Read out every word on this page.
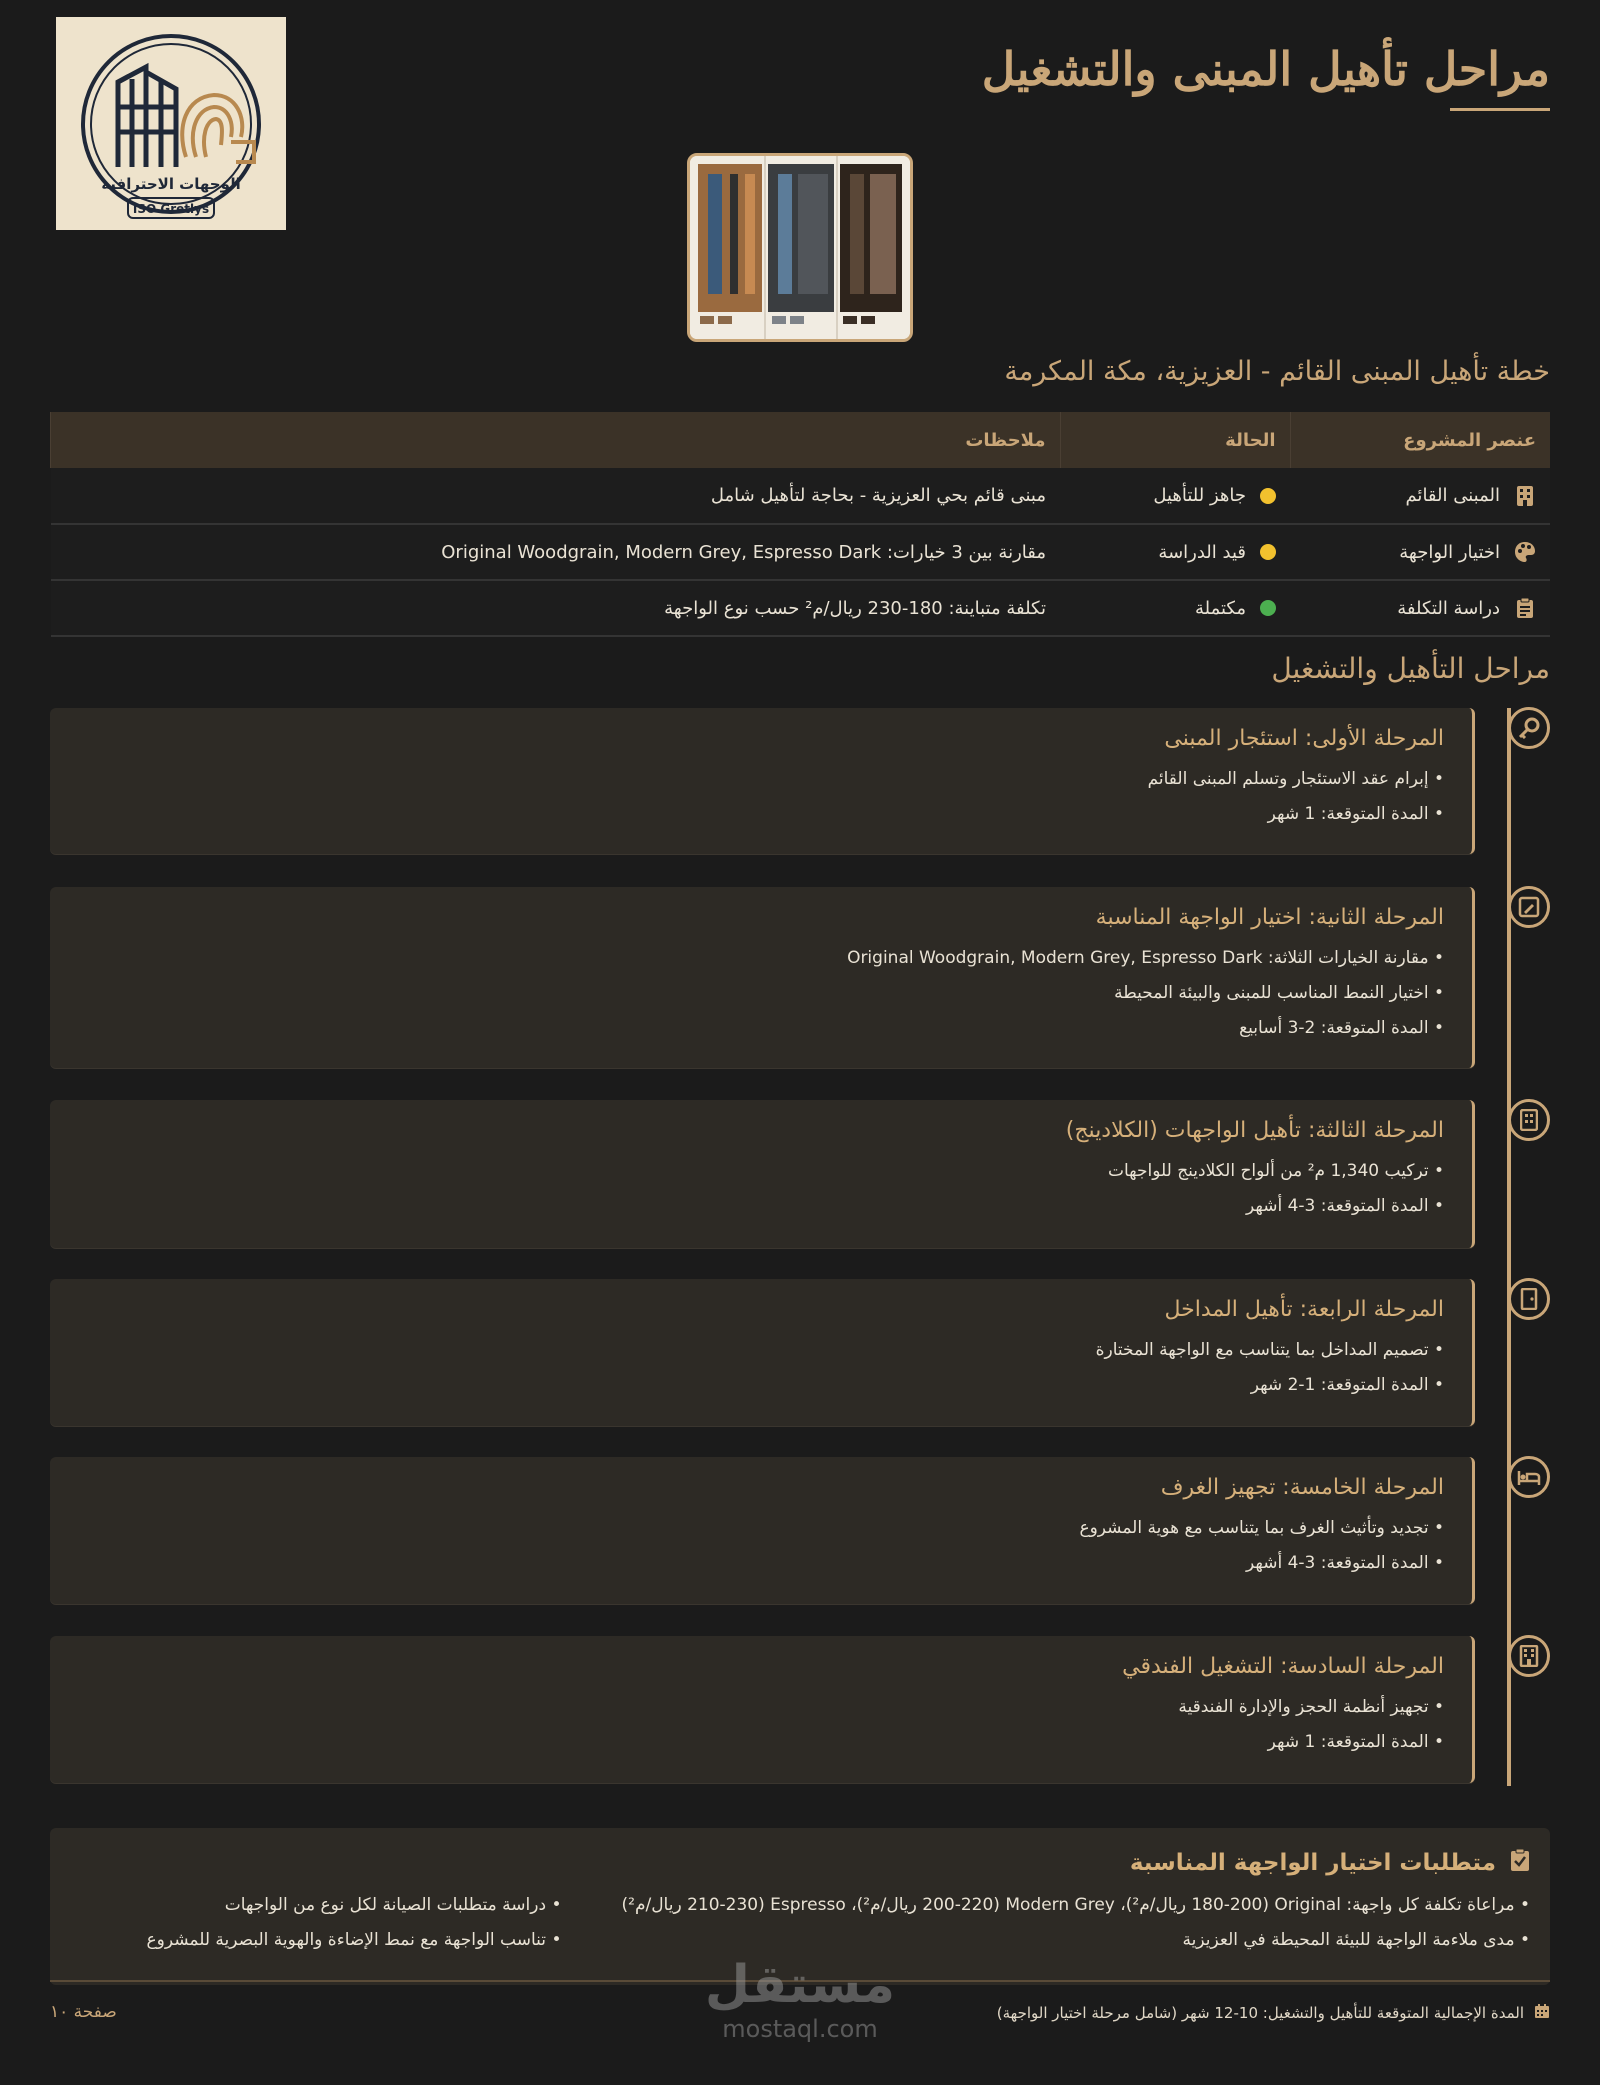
مراحل تأهيل المبنى والتشغيل
الوجهات الاحترافية
ISO Gretlys
خطة تأهيل المبنى القائم - العزيزية، مكة المكرمة
عنصر المشروع	الحالة	ملاحظات

المبنى القائم	جاهز للتأهيل	مبنى قائم بحي العزيزية - بحاجة لتأهيل شامل

اختيار الواجهة	قيد الدراسة	مقارنة بين 3 خيارات: Original Woodgrain, Modern Grey, Espresso Dark

دراسة التكلفة	مكتملة	تكلفة متباينة: 180-230 ريال/م² حسب نوع الواجهة
مراحل التأهيل والتشغيل
المرحلة الأولى: استئجار المبنى
• إبرام عقد الاستئجار وتسلم المبنى القائم
• المدة المتوقعة: 1 شهر
المرحلة الثانية: اختيار الواجهة المناسبة
• مقارنة الخيارات الثلاثة: Original Woodgrain, Modern Grey, Espresso Dark
• اختيار النمط المناسب للمبنى والبيئة المحيطة
• المدة المتوقعة: 2-3 أسابيع
المرحلة الثالثة: تأهيل الواجهات (الكلادينج)
• تركيب 1,340 م² من ألواح الكلادينج للواجهات
• المدة المتوقعة: 3-4 أشهر
المرحلة الرابعة: تأهيل المداخل
• تصميم المداخل بما يتناسب مع الواجهة المختارة
• المدة المتوقعة: 1-2 شهر
المرحلة الخامسة: تجهيز الغرف
• تجديد وتأثيث الغرف بما يتناسب مع هوية المشروع
• المدة المتوقعة: 3-4 أشهر
المرحلة السادسة: التشغيل الفندقي
• تجهيز أنظمة الحجز والإدارة الفندقية
• المدة المتوقعة: 1 شهر
متطلبات اختيار الواجهة المناسبة
• مراعاة تكلفة كل واجهة: Original (180-200 ريال/م²)، Modern Grey (200-220 ريال/م²)، Espresso (210-230 ريال/م²)
• مدى ملاءمة الواجهة للبيئة المحيطة في العزيزية
• دراسة متطلبات الصيانة لكل نوع من الواجهات
• تناسب الواجهة مع نمط الإضاءة والهوية البصرية للمشروع
المدة الإجمالية المتوقعة للتأهيل والتشغيل: 10-12 شهر (شامل مرحلة اختيار الواجهة)
صفحة ١٠	مستقل
mostaql.com
